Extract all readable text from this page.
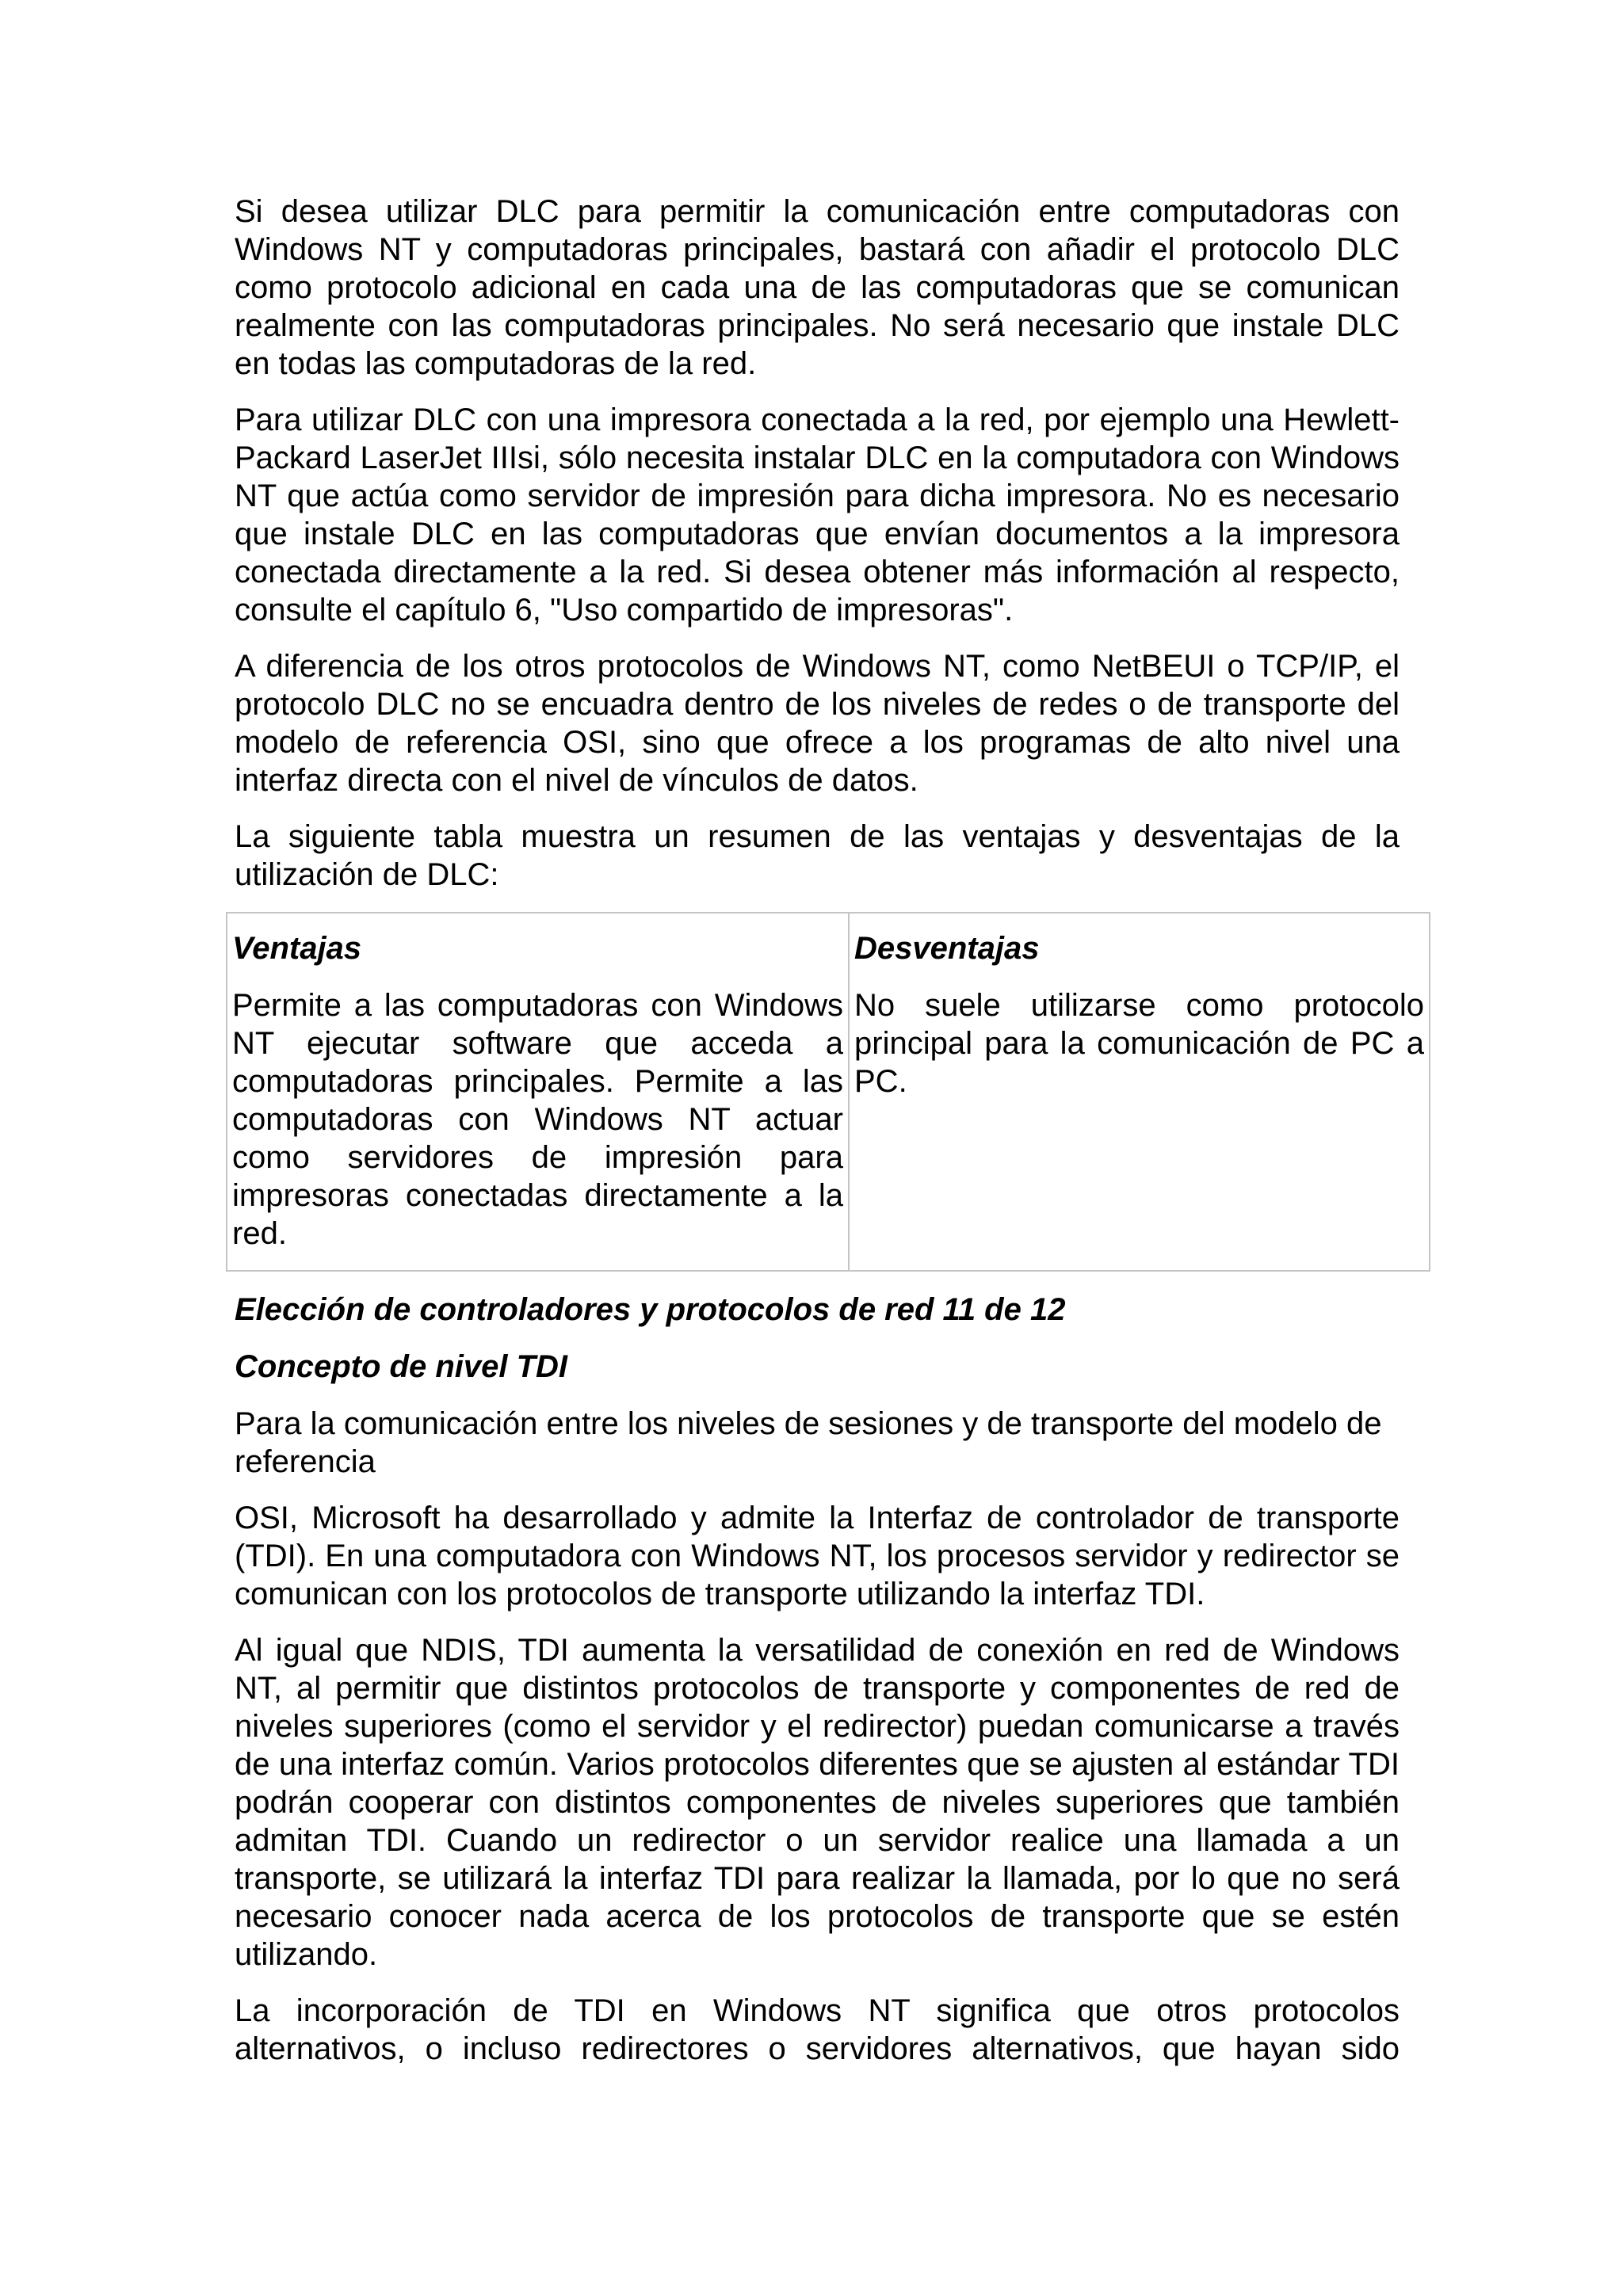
Si desea utilizar DLC para permitir la comunicación entre computadoras con Windows NT y computadoras principales, bastará con añadir el protocolo DLC como protocolo adicional en cada una de las computadoras que se comunican realmente con las computadoras principales. No será necesario que instale DLC en todas las computadoras de la red.

Para utilizar DLC con una impresora conectada a la red, por ejemplo una Hewlett-Packard LaserJet IIIsi, sólo necesita instalar DLC en la computadora con Windows NT que actúa como servidor de impresión para dicha impresora. No es necesario que instale DLC en las computadoras que envían documentos a la impresora conectada directamente a la red. Si desea obtener más información al respecto, consulte el capítulo 6, "Uso compartido de impresoras".

A diferencia de los otros protocolos de Windows NT, como NetBEUI o TCP/IP, el protocolo DLC no se encuadra dentro de los niveles de redes o de transporte del modelo de referencia OSI, sino que ofrece a los programas de alto nivel una interfaz directa con el nivel de vínculos de datos.

La siguiente tabla muestra un resumen de las ventajas y desventajas de la utilización de DLC:

Ventajas	Desventajas
Permite a las computadoras con Windows NT ejecutar software que acceda a computadoras principales. Permite a las computadoras con Windows NT actuar como servidores de impresión para impresoras conectadas directamente a la red.	No suele utilizarse como protocolo principal para la comunicación de PC a PC.

Elección de controladores y protocolos de red 11 de 12

Concepto de nivel TDI

Para la comunicación entre los niveles de sesiones y de transporte del modelo de referencia

OSI, Microsoft ha desarrollado y admite la Interfaz de controlador de transporte (TDI). En una computadora con Windows NT, los procesos servidor y redirector se comunican con los protocolos de transporte utilizando la interfaz TDI.

Al igual que NDIS, TDI aumenta la versatilidad de conexión en red de Windows NT, al permitir que distintos protocolos de transporte y componentes de red de niveles superiores (como el servidor y el redirector) puedan comunicarse a través de una interfaz común. Varios protocolos diferentes que se ajusten al estándar TDI podrán cooperar con distintos componentes de niveles superiores que también admitan TDI. Cuando un redirector o un servidor realice una llamada a un transporte, se utilizará la interfaz TDI para realizar la llamada, por lo que no será necesario conocer nada acerca de los protocolos de transporte que se estén utilizando.

La incorporación de TDI en Windows NT significa que otros protocolos alternativos, o incluso redirectores o servidores alternativos, que hayan sido
